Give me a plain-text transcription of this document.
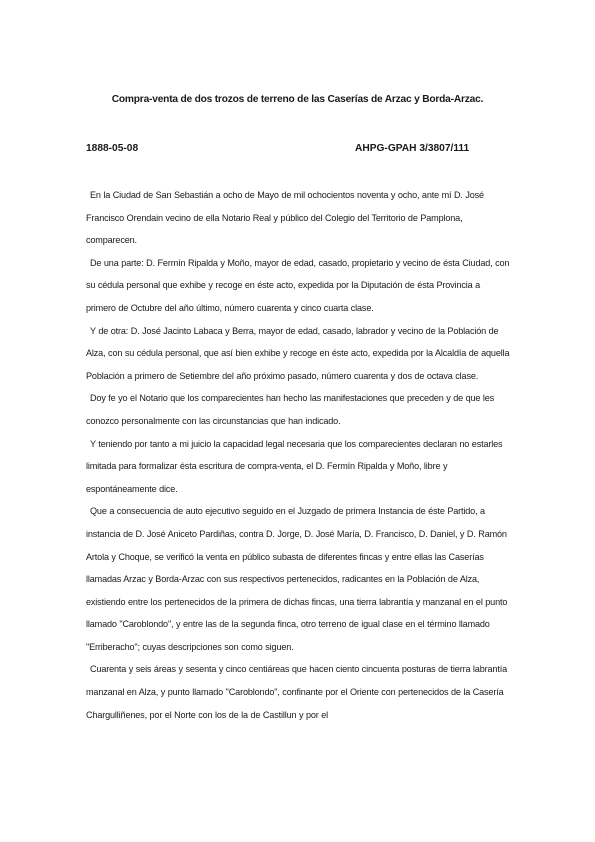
Compra-venta de dos trozos de terreno de las Caserías de Arzac y Borda-Arzac.
1888-05-08	AHPG-GPAH 3/3807/111

En la Ciudad de San Sebastián a ocho de Mayo de mil ochocientos noventa y ocho, ante mí D. José Francisco Orendain vecino de ella Notario Real y público del Colegio del Territorio de Pamplona, comparecen.

De una parte: D. Fermín Ripalda y Moño, mayor de edad, casado, propietario y vecino de ésta Ciudad, con su cédula personal que exhibe y recoge en éste acto, expedida por la Diputación de ésta Provincia a primero de Octubre del año último, número cuarenta y cinco cuarta clase.

Y de otra: D. José Jacinto Labaca y Berra, mayor de edad, casado, labrador y vecino de la Población de Alza, con su cédula personal, que así bien exhibe y recoge en éste acto, expedida por la Alcaldía de aquella Población a primero de Setiembre del año próximo pasado, número cuarenta y dos de octava clase.

Doy fe yo el Notario que los comparecientes han hecho las manifestaciones que preceden y de que les conozco personalmente con las circunstancias que han indicado.

Y teniendo por tanto a mi juicio la capacidad legal necesaria que los comparecientes declaran no estarles limitada para formalizar ésta escritura de compra-venta, el D. Fermín Ripalda y Moño, libre y espontáneamente dice.

Que a consecuencia de auto ejecutivo seguido en el Juzgado de primera Instancia de éste Partido, a instancia de D. José Aniceto Pardiñas, contra D. Jorge, D. José María, D. Francisco, D. Daniel, y D. Ramón Artola y Choque, se verificó la venta en público subasta de diferentes fincas y entre ellas las Caserías llamadas Arzac y Borda-Arzac con sus respectivos pertenecidos, radicantes en la Población de Alza, existiendo entre los pertenecidos de la primera de dichas fincas, una tierra labrantía y manzanal en el punto llamado "Caroblondo", y entre las de la segunda finca, otro terreno de igual clase en el término llamado "Erriberacho"; cuyas descripciones son como siguen.

Cuarenta y seis áreas y sesenta y cinco centiáreas que hacen ciento cincuenta posturas de tierra labrantía manzanal en Alza, y punto llamado "Caroblondo", confinante por el Oriente con pertenecidos de la Casería Chargulliñenes, por el Norte con los de la de Castillun y por el
